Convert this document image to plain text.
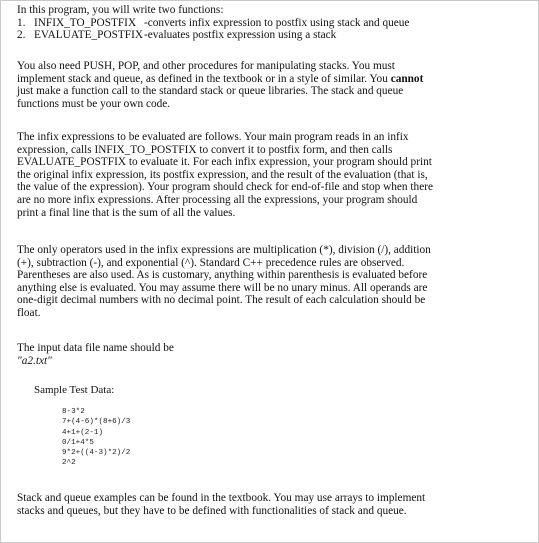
In this program, you will write two functions:
1. INFIX_TO_POSTFIX -converts infix expression to postfix using stack and queue
2. EVALUATE_POSTFIX-evaluates postfix expression using a stack
You also need PUSH, POP, and other procedures for manipulating stacks. You must
implement stack and queue, as defined in the textbook or in a style of similar. You cannot
just make a function call to the standard stack or queue libraries. The stack and queue
functions must be your own code.
The infix expressions to be evaluated are follows. Your main program reads in an infix
expression, calls INFIX_TO_POSTFIX to convert it to postfix form, and then calls
EVALUATE_POSTFIX to evaluate it. For each infix expression, your program should print
the original infix expression, its postfix expression, and the result of the evaluation (that is,
the value of the expression). Your program should check for end-of-file and stop when there
are no more infix expressions. After processing all the expressions, your program should
print a final line that is the sum of all the values.
The only operators used in the infix expressions are multiplication (*), division (/), addition
(+), subtraction (-), and exponential (^). Standard C++ precedence rules are observed.
Parentheses are also used. As is customary, anything within parenthesis is evaluated before
anything else is evaluated. You may assume there will be no unary minus. All operands are
one-digit decimal numbers with no decimal point. The result of each calculation should be
float.
The input data file name should be
"a2.txt"
Sample Test Data:
8-3*2
7+(4-6)*(8+6)/3
4+1+(2-1)
0/1+4*5
9*2+((4-3)*2)/2
2^2
Stack and queue examples can be found in the textbook. You may use arrays to implement
stacks and queues, but they have to be defined with functionalities of stack and queue.
